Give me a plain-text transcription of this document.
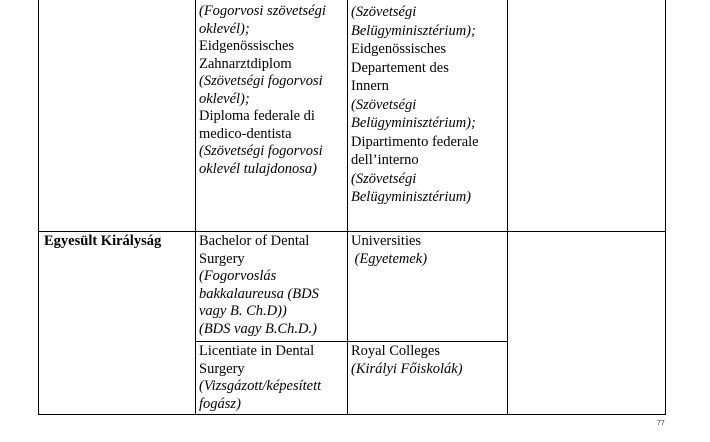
(Fogorvosi szövetségi
oklevél);
Eidgenössisches
Zahnarztdiplom
(Szövetségi fogorvosi
oklevél);
Diploma federale di
medico-dentista
(Szövetségi fogorvosi
oklevél tulajdonosa)
(Szövetségi
Belügyminisztérium);
Eidgenössisches
Departement des
Innern
(Szövetségi
Belügyminisztérium);
Dipartimento federale
dell’interno
(Szövetségi
Belügyminisztérium)
Egyesült Királyság	Bachelor of Dental
Surgery
(Fogorvoslás
bakkalaureusa (BDS
vagy B. Ch.D))
(BDS vagy B.Ch.D.)
Universities
(Egyetemek)
Licentiate in Dental
Surgery
(Vizsgázott/képesített
fogász)
Royal Colleges
(Királyi Főiskolák)
77
